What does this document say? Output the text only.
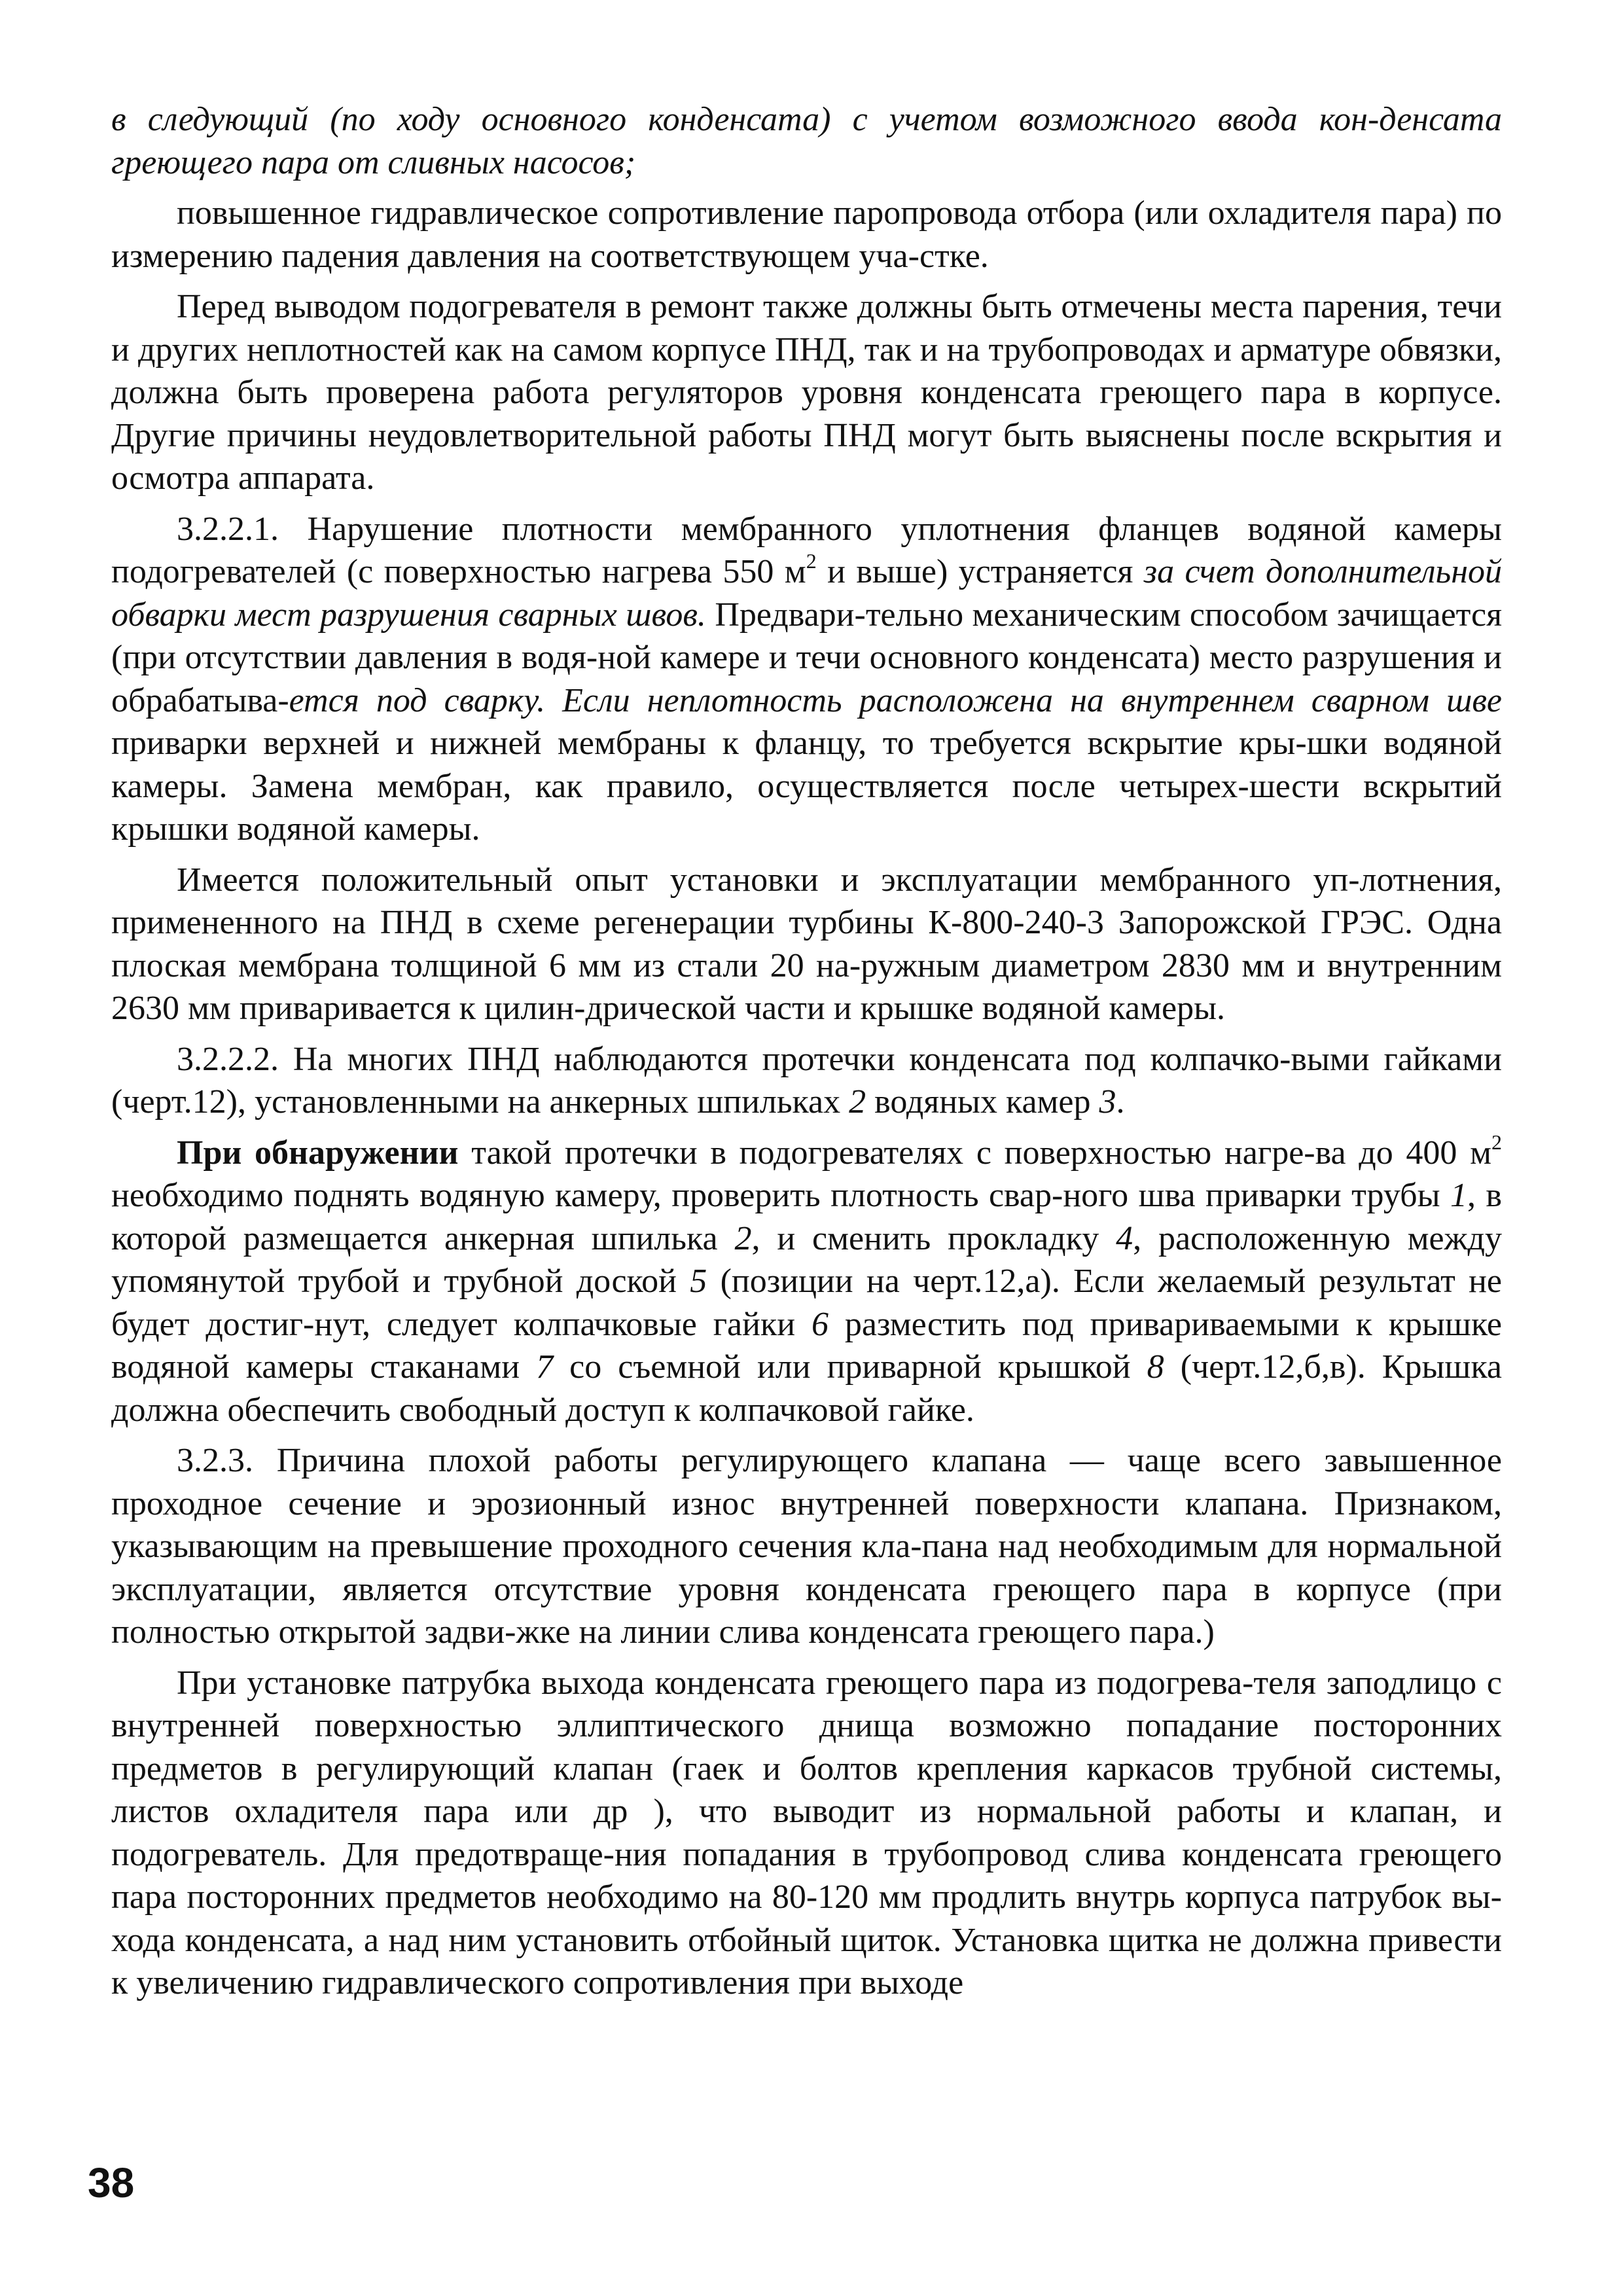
в следующий (по ходу основного конденсата) с учетом возможного ввода кон-денсата греющего пара от сливных насосов;

повышенное гидравлическое сопротивление паропровода отбора (или охладителя пара) по измерению падения давления на соответствующем уча-стке.

Перед выводом подогревателя в ремонт также должны быть отмечены места парения, течи и других неплотностей как на самом корпусе ПНД, так и на трубопроводах и арматуре обвязки, должна быть проверена работа регуляторов уровня конденсата греющего пара в корпусе. Другие причины неудовлетворительной работы ПНД могут быть выяснены после вскрытия и осмотра аппарата.

3.2.2.1. Нарушение плотности мембранного уплотнения фланцев водяной камеры подогревателей (с поверхностью нагрева 550 $м^2$ и выше) устраняется за счет дополнительной обварки мест разрушения сварных швов. Предвари-тельно механическим способом зачищается (при отсутствии давления в водя-ной камере и течи основного конденсата) место разрушения и обрабатыва-ется под сварку. Если неплотность расположена на внутреннем сварном шве приварки верхней и нижней мембраны к фланцу, то требуется вскрытие кры-шки водяной камеры. Замена мембран, как правило, осуществляется после четырех-шести вскрытий крышки водяной камеры.

Имеется положительный опыт установки и эксплуатации мембранного уп-лотнения, примененного на ПНД в схеме регенерации турбины К-800-240-3 Запорожской ГРЭС. Одна плоская мембрана толщиной 6 мм из стали 20 на-ружным диаметром 2830 мм и внутренним 2630 мм приваривается к цилин-дрической части и крышке водяной камеры.

3.2.2.2. На многих ПНД наблюдаются протечки конденсата под колпачко-выми гайками (черт.12), установленными на анкерных шпильках 2 водяных камер 3.

При обнаружении такой протечки в подогревателях с поверхностью нагре-ва до 400 $м^2$ необходимо поднять водяную камеру, проверить плотность свар-ного шва приварки трубы 1, в которой размещается анкерная шпилька 2, и сменить прокладку 4, расположенную между упомянутой трубой и трубной доской 5 (позиции на черт.12,а). Если желаемый результат не будет достиг-нут, следует колпачковые гайки 6 разместить под привариваемыми к крышке водяной камеры стаканами 7 со съемной или приварной крышкой 8 (черт.12,б,в). Крышка должна обеспечить свободный доступ к колпачковой гайке.

3.2.3. Причина плохой работы регулирующего клапана — чаще всего завышенное проходное сечение и эрозионный износ внутренней поверхности клапана. Признаком, указывающим на превышение проходного сечения кла-пана над необходимым для нормальной эксплуатации, является отсутствие уровня конденсата греющего пара в корпусе (при полностью открытой задви-жке на линии слива конденсата греющего пара.)

При установке патрубка выхода конденсата греющего пара из подогрева-теля заподлицо с внутренней поверхностью эллиптического днища возможно попадание посторонних предметов в регулирующий клапан (гаек и болтов крепления каркасов трубной системы, листов охладителя пара или др ), что выводит из нормальной работы и клапан, и подогреватель. Для предотвраще-ния попадания в трубопровод слива конденсата греющего пара посторонних предметов необходимо на 80-120 мм продлить внутрь корпуса патрубок вы-хода конденсата, а над ним установить отбойный щиток. Установка щитка не должна привести к увеличению гидравлического сопротивления при выходе

38
